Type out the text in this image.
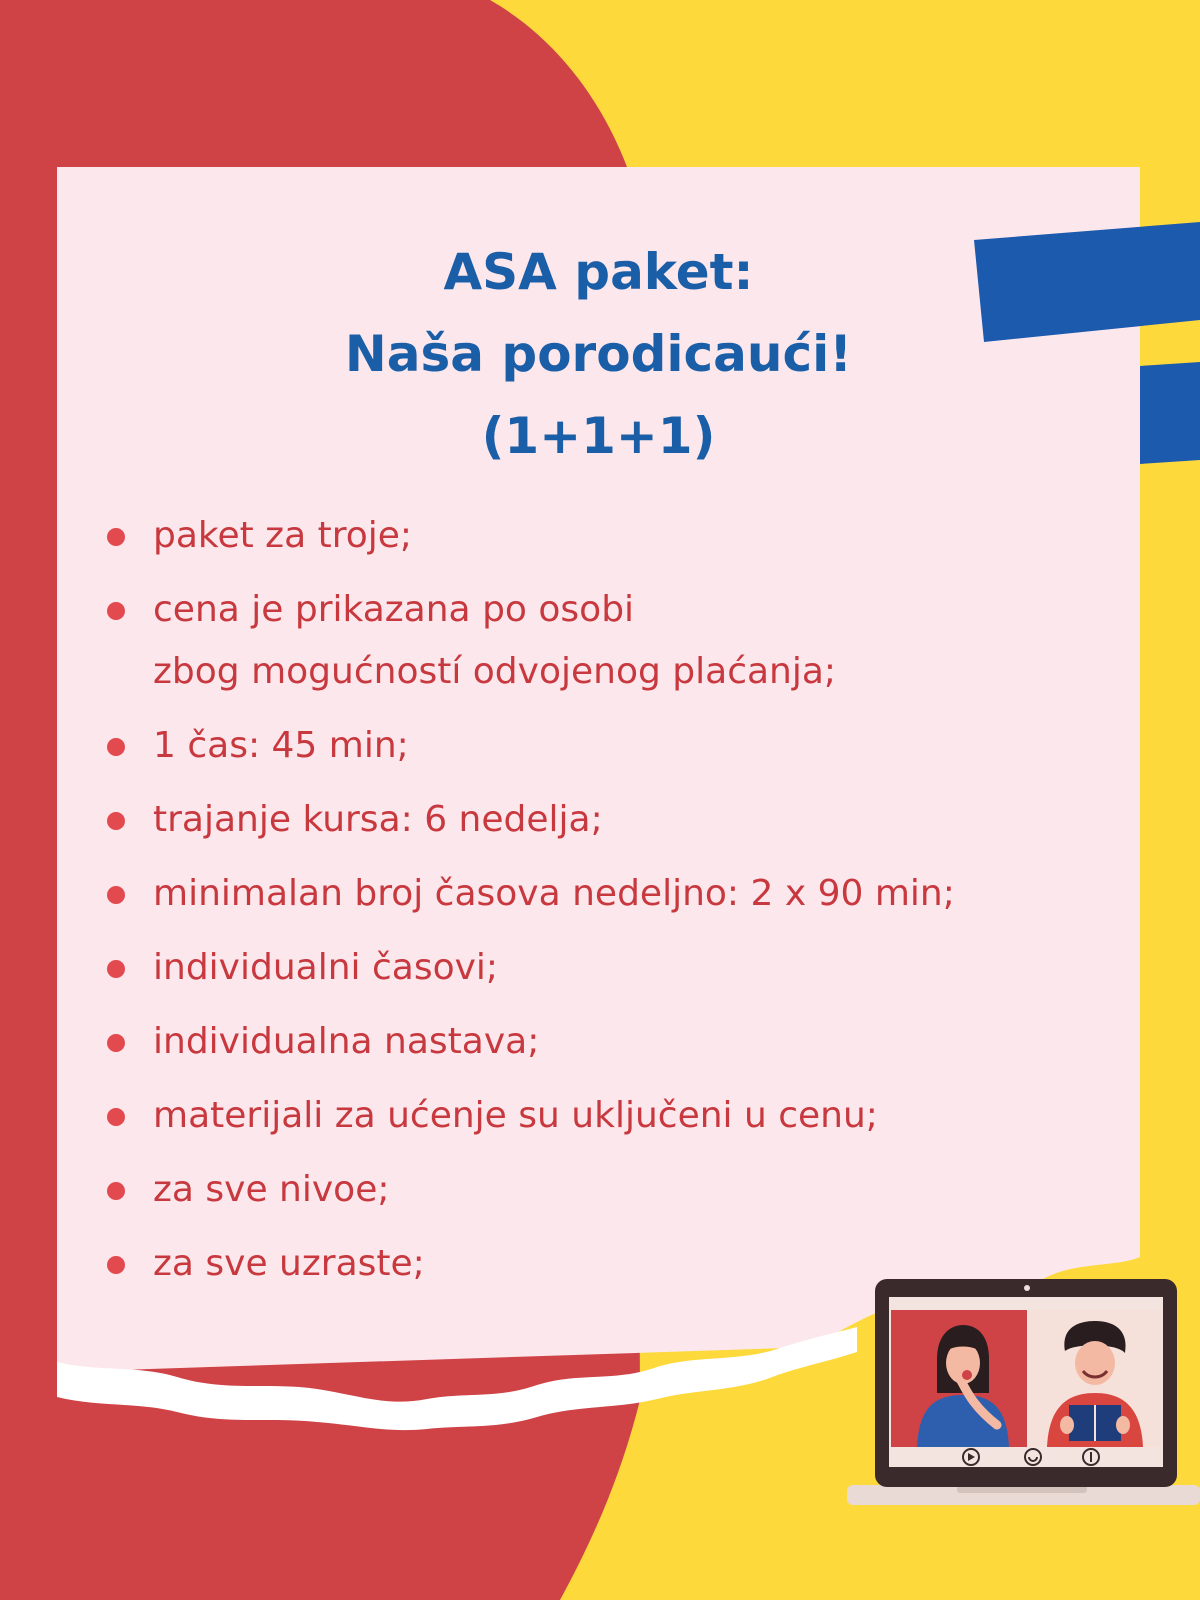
ASA paket:
Naša porodicaući!
(1+1+1)
paket za troje;
cena je prikazana po osobi
zbog mogućností odvojenog plaćanja;
1 čas: 45 min;
trajanje kursa: 6 nedelja;
minimalan broj časova nedeljno: 2 x 90 min;
individualni časovi;
individualna nastava;
materijali za ućenje su uključeni u cenu;
za sve nivoe;
za sve uzraste;
